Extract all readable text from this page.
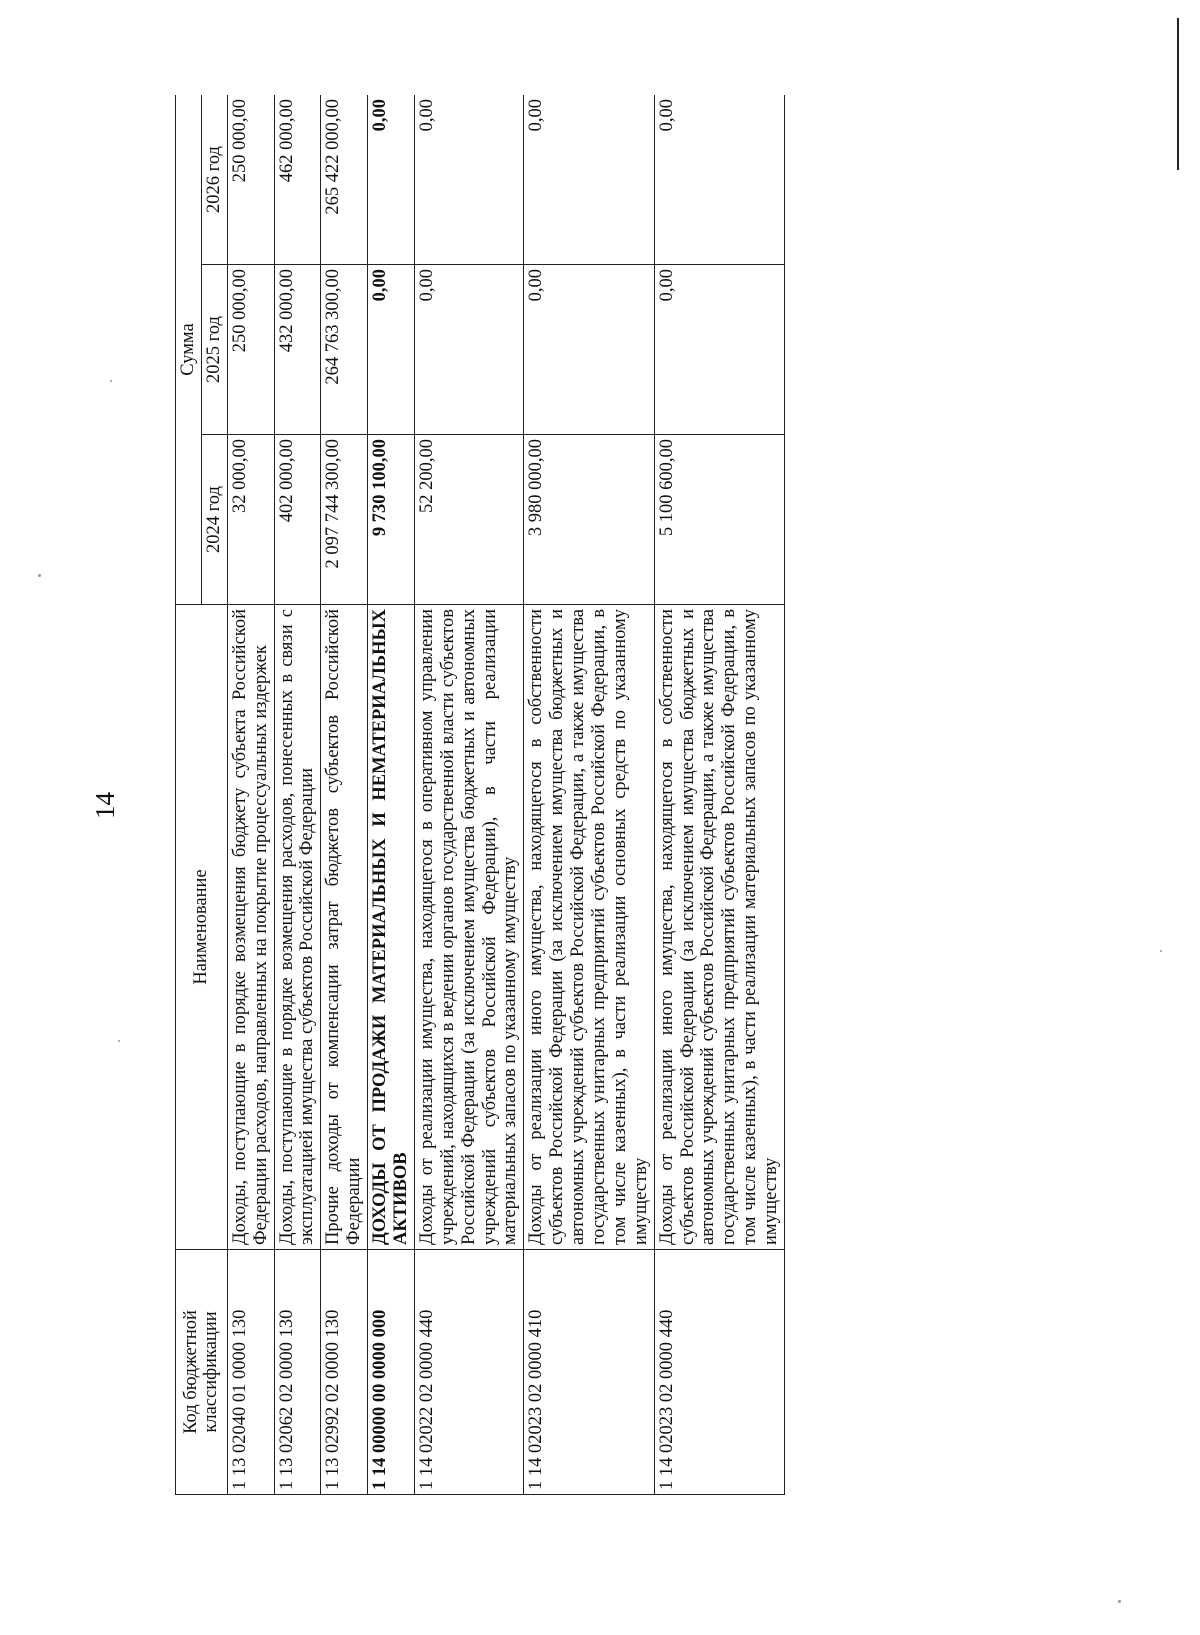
14
Код бюджетной классификации	Наименование	Сумма		
		2024 год	2025 год	2026 год
1 13 02040 01 0000 130	Доходы, поступающие в порядке возмещения бюджету субъекта Российской Федерации расходов, направленных на покрытие процессуальных издержек	32 000,00	250 000,00	250 000,00
1 13 02062 02 0000 130	Доходы, поступающие в порядке возмещения расходов, понесенных в связи с эксплуатацией имущества субъектов Российской Федерации	402 000,00	432 000,00	462 000,00
1 13 02992 02 0000 130	Прочие доходы от компенсации затрат бюджетов субъектов Российской Федерации	2 097 744 300,00	264 763 300,00	265 422 000,00
1 14 00000 00 0000 000	ДОХОДЫ ОТ ПРОДАЖИ МАТЕРИАЛЬНЫХ И НЕМАТЕРИАЛЬНЫХ АКТИВОВ	9 730 100,00	0,00	0,00
1 14 02022 02 0000 440	Доходы от реализации имущества, находящегося в оперативном управлении учреждений, находящихся в ведении органов государственной власти субъектов Российской Федерации (за исключением имущества бюджетных и автономных учреждений субъектов Российской Федерации), в части реализации материальных запасов по указанному имуществу	52 200,00	0,00	0,00
1 14 02023 02 0000 410	Доходы от реализации иного имущества, находящегося в собственности субъектов Российской Федерации (за исключением имущества бюджетных и автономных учреждений субъектов Российской Федерации, а также имущества государственных унитарных предприятий субъектов Российской Федерации, в том числе казенных), в части реализации основных средств по указанному имуществу	3 980 000,00	0,00	0,00
1 14 02023 02 0000 440	Доходы от реализации иного имущества, находящегося в собственности субъектов Российской Федерации (за исключением имущества бюджетных и автономных учреждений субъектов Российской Федерации, а также имущества государственных унитарных предприятий субъектов Российской Федерации, в том числе казенных), в части реализации материальных запасов по указанному имуществу	5 100 600,00	0,00	0,00
